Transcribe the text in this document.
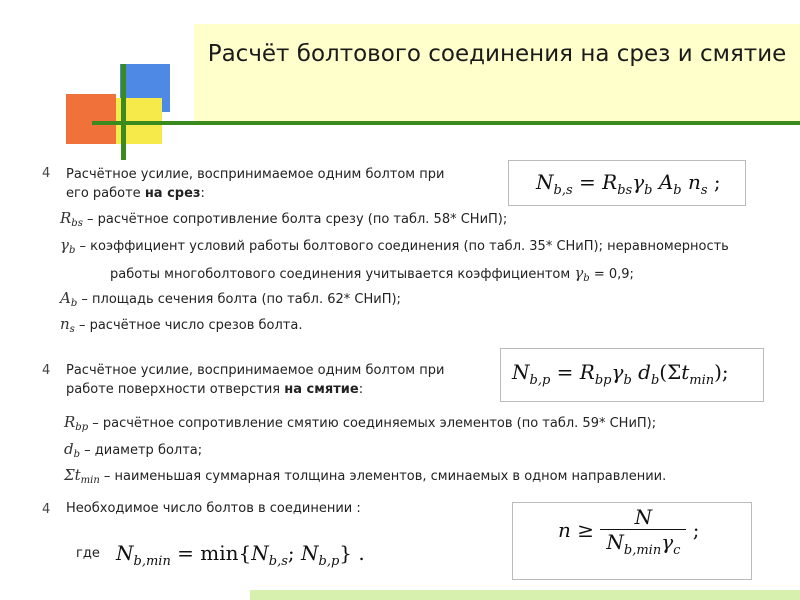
Расчёт болтового соединения на срез и смятие
4 Расчётное усилие, воспринимаемое одним болтом при
его работе на срез:	$N_{b,s} = R_{bs}\gamma_b$ $A_b$ $n_s$ ;
$R_{bs}$ – расчётное сопротивление болта срезу (по табл. 58* СНиП);
$\gamma_b$ – коэффициент условий работы болтового соединения (по табл. 35* СНиП); неравномерность
работы многоболтового соединения учитывается коэффициентом $\gamma_b = 0,9$;
$A_b$ – площадь сечения болта (по табл. 62* СНиП);
$n_s$ – расчётное число срезов болта.
4 Расчётное усилие, воспринимаемое одним болтом при
работе поверхности отверстия на смятие:
$N_{b,p} = R_{bp}\gamma_b$ $d_b(\Sigma t_{min})$;
$R_{bp}$ – расчётное сопротивление смятию соединяемых элементов (по табл. 59* СНиП);
$d_b$ – диаметр болта;
$\Sigma t_{min}$ – наименьшая суммарная толщина элементов, сминаемых в одном направлении.
4 Необходимое число болтов в соединении :
$n \ge \frac{N}{N_{b,min}\gamma_c}$ ;
где $N_{b,min} = \min\{N_{b,s}$; $N_{b,p}$} .
